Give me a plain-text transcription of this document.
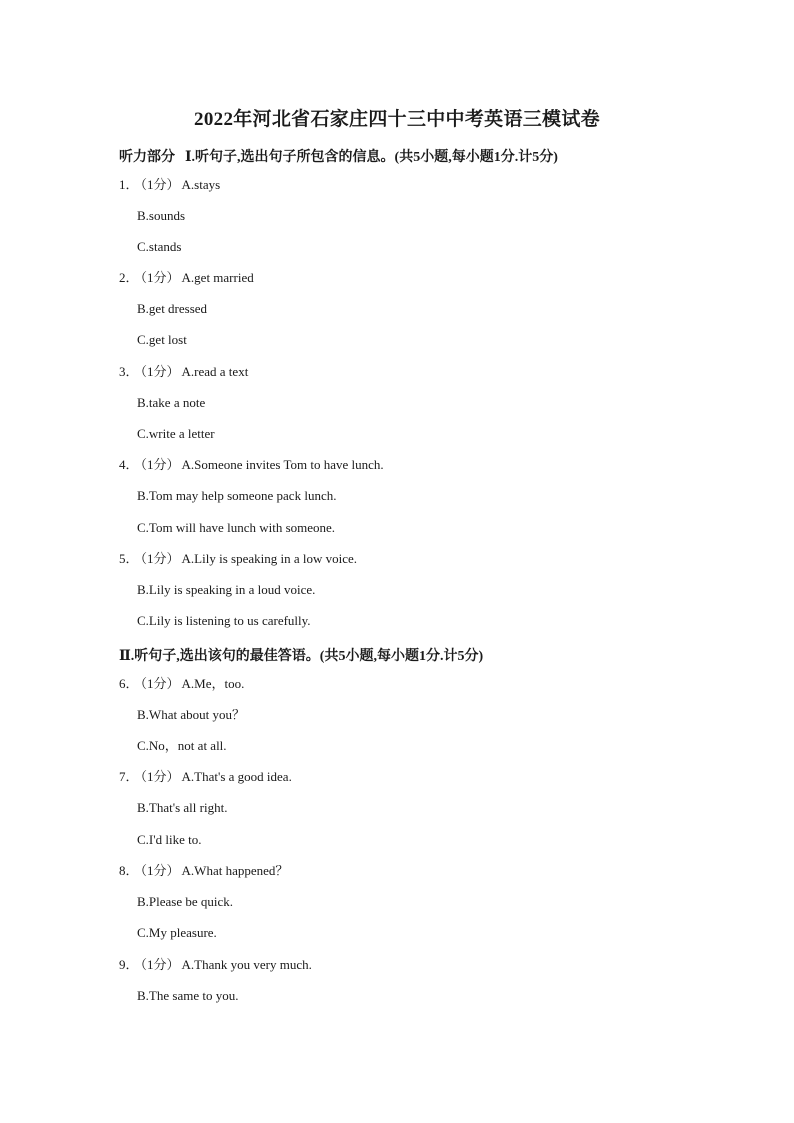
2022年河北省石家庄四十三中中考英语三模试卷
听力部分 Ⅰ.听句子,选出句子所包含的信息。(共5小题,每小题1分.计5分)
1． （1分） A.stays
B.sounds
C.stands
2． （1分） A.get married
B.get dressed
C.get lost
3． （1分） A.read a text
B.take a note
C.write a letter
4． （1分） A.Someone invites Tom to have lunch.
B.Tom may help someone pack lunch.
C.Tom will have lunch with someone.
5． （1分） A.Lily is speaking in a low voice.
B.Lily is speaking in a loud voice.
C.Lily is listening to us carefully.
Ⅱ.听句子,选出该句的最佳答语。(共5小题,每小题1分.计5分)
6． （1分） A.Me，too.
B.What about you？
C.No，not at all.
7． （1分） A.That's a good idea.
B.That's all right.
C.I'd like to.
8． （1分） A.What happened？
B.Please be quick.
C.My pleasure.
9． （1分） A.Thank you very much.
B.The same to you.
